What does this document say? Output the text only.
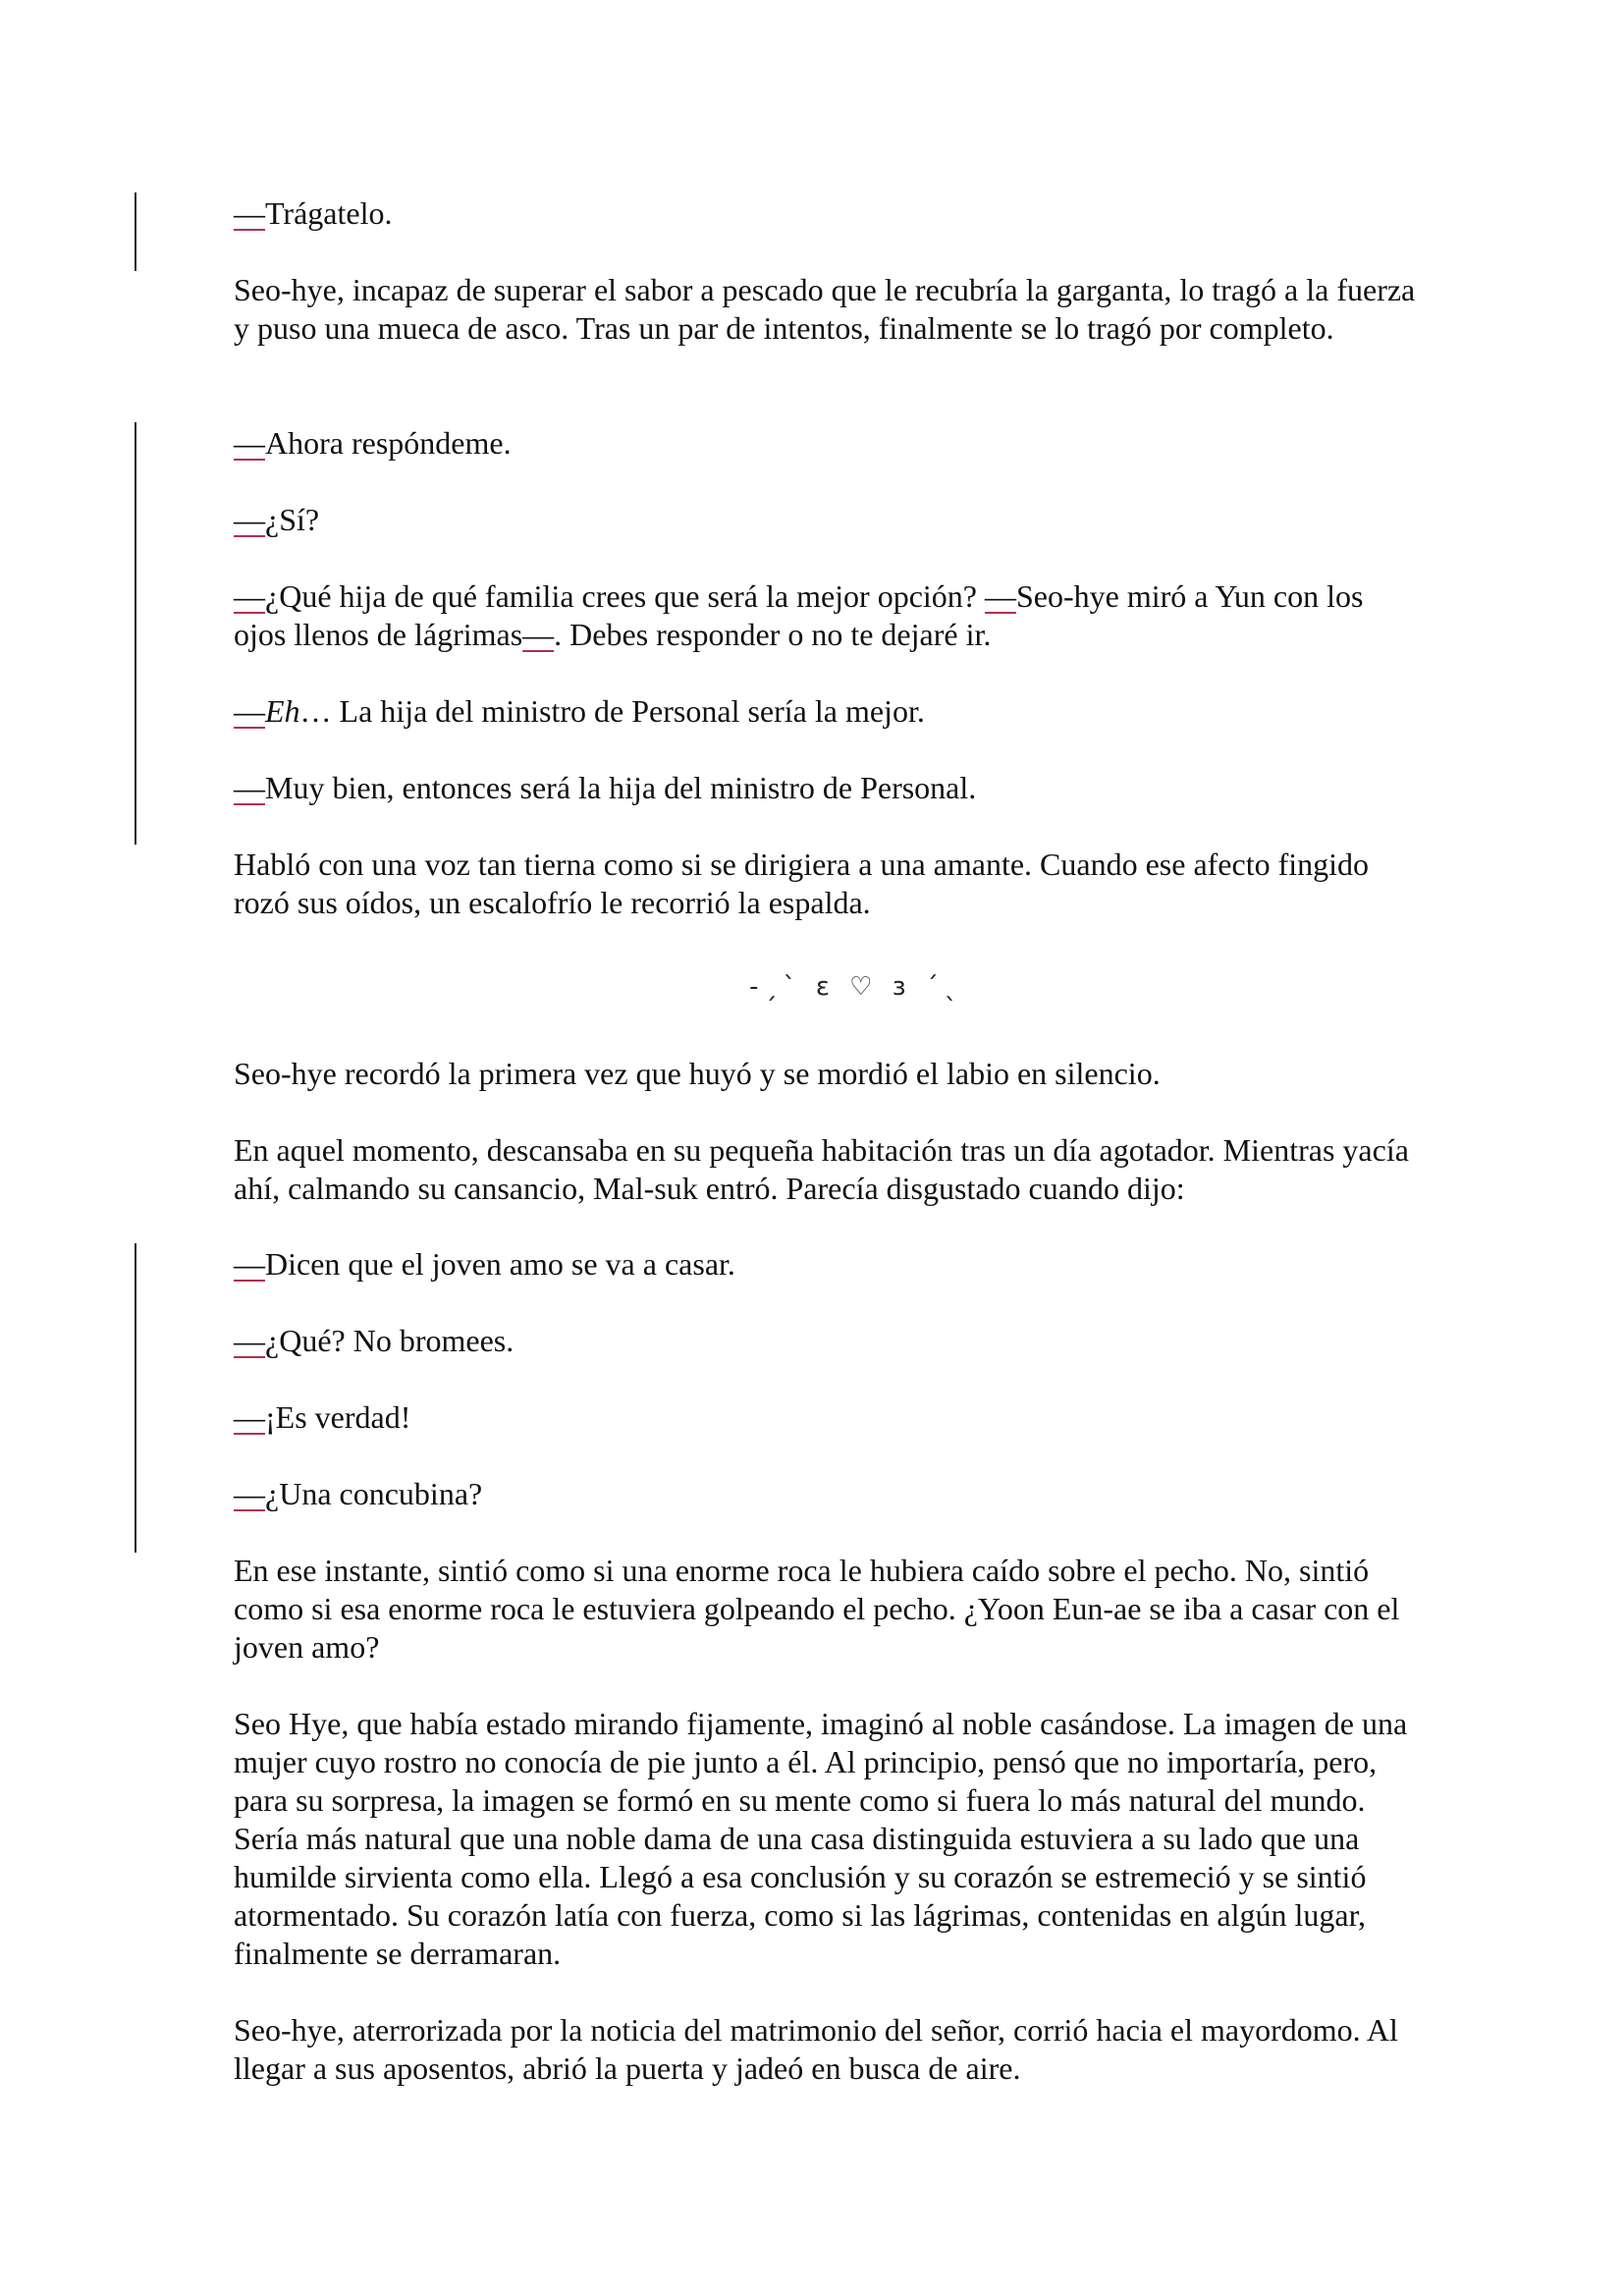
—Trágatelo.

Seo-hye, incapaz de superar el sabor a pescado que le recubría la garganta, lo tragó a la fuerza y puso una mueca de asco. Tras un par de intentos, finalmente se lo tragó por completo.

—Ahora respóndeme.

—¿Sí?

—¿Qué hija de qué familia crees que será la mejor opción? —Seo-hye miró a Yun con los ojos llenos de lágrimas—. Debes responder o no te dejaré ir.

—Eh… La hija del ministro de Personal sería la mejor.

—Muy bien, entonces será la hija del ministro de Personal.

Habló con una voz tan tierna como si se dirigiera a una amante. Cuando ese afecto fingido rozó sus oídos, un escalofrío le recorrió la espalda.

Seo-hye recordó la primera vez que huyó y se mordió el labio en silencio.

En aquel momento, descansaba en su pequeña habitación tras un día agotador. Mientras yacía ahí, calmando su cansancio, Mal-suk entró. Parecía disgustado cuando dijo:

—Dicen que el joven amo se va a casar.

—¿Qué? No bromees.

—¡Es verdad!

—¿Una concubina?

En ese instante, sintió como si una enorme roca le hubiera caído sobre el pecho. No, sintió como si esa enorme roca le estuviera golpeando el pecho. ¿Yoon Eun-ae se iba a casar con el joven amo?

Seo Hye, que había estado mirando fijamente, imaginó al noble casándose. La imagen de una mujer cuyo rostro no conocía de pie junto a él. Al principio, pensó que no importaría, pero, para su sorpresa, la imagen se formó en su mente como si fuera lo más natural del mundo. Sería más natural que una noble dama de una casa distinguida estuviera a su lado que una humilde sirvienta como ella. Llegó a esa conclusión y su corazón se estremeció y se sintió atormentado. Su corazón latía con fuerza, como si las lágrimas, contenidas en algún lugar, finalmente se derramaran.

Seo-hye, aterrorizada por la noticia del matrimonio del señor, corrió hacia el mayordomo. Al llegar a sus aposentos, abrió la puerta y jadeó en busca de aire.

-ˏˋ ε ♡ з ˊˎ
